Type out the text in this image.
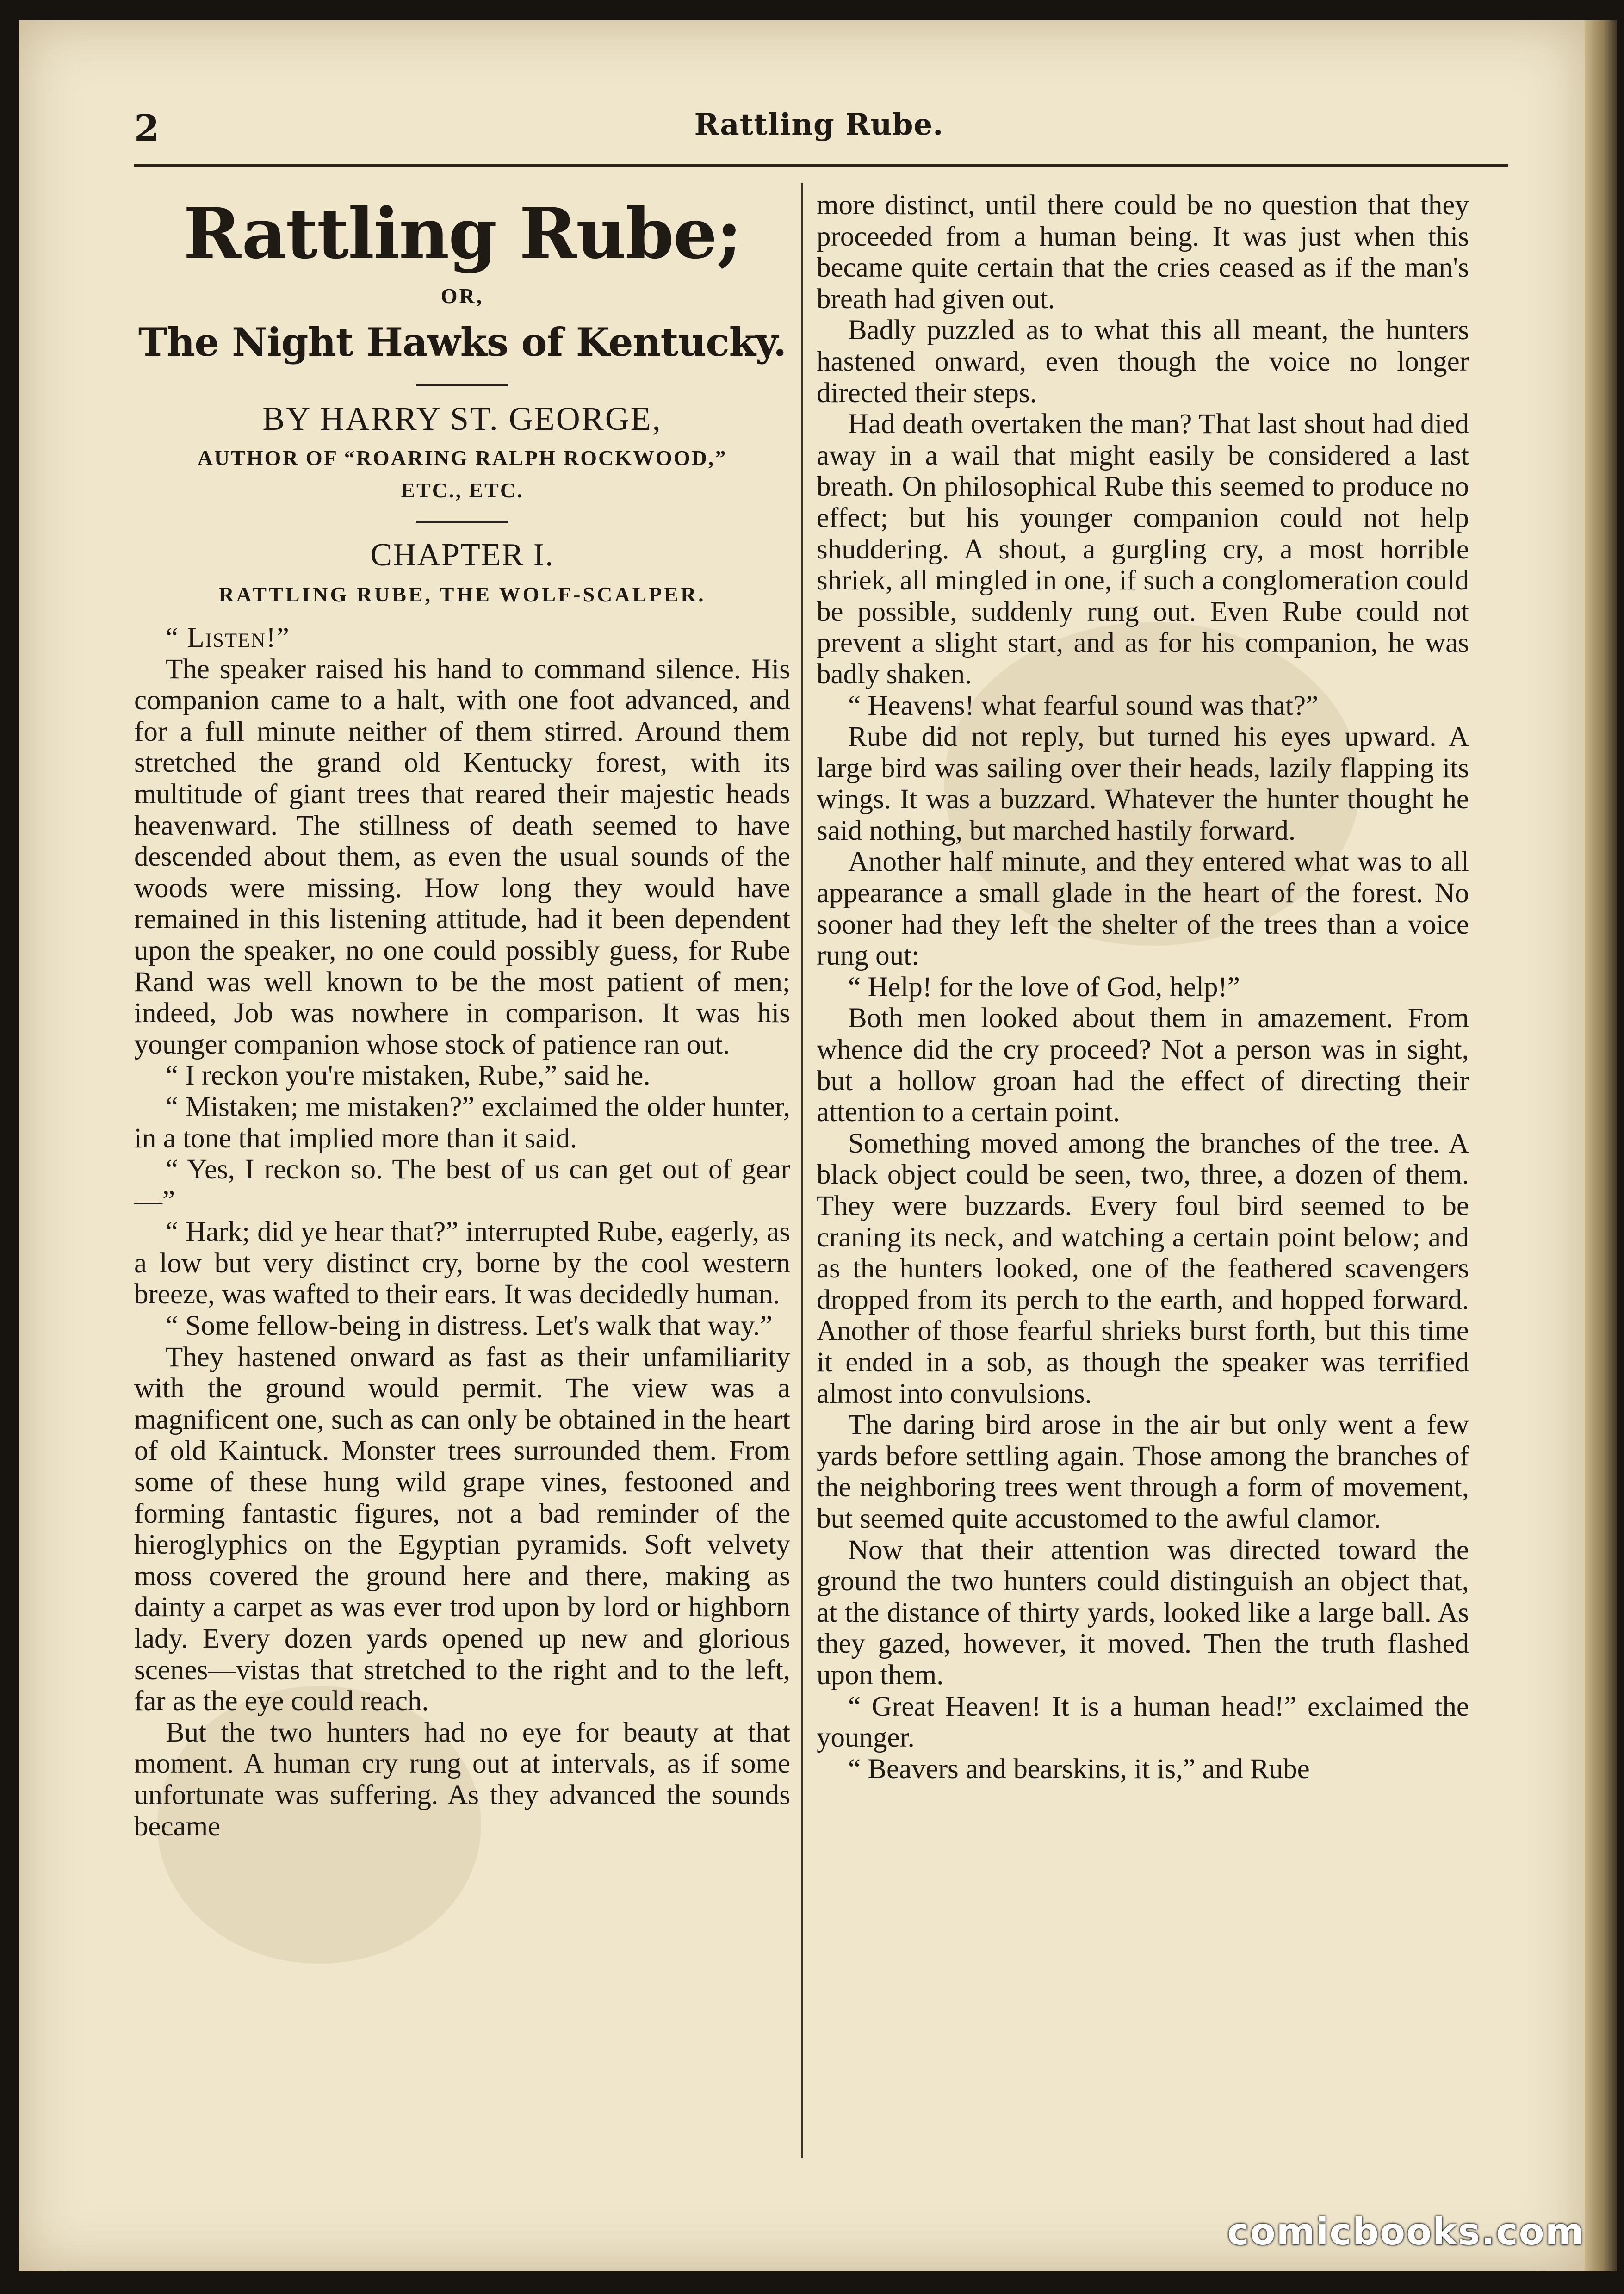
2	Rattling Rube.
Rattling Rube;
OR,
The Night Hawks of Kentucky.
BY HARRY ST. GEORGE,
AUTHOR OF “ROARING RALPH ROCKWOOD,”
ETC., ETC.
CHAPTER I.
RATTLING RUBE, THE WOLF-SCALPER.

“ Listen!”

The speaker raised his hand to command silence. His companion came to a halt, with one foot advanced, and for a full minute neither of them stirred. Around them stretched the grand old Kentucky forest, with its multitude of giant trees that reared their majestic heads heavenward. The stillness of death seemed to have descended about them, as even the usual sounds of the woods were missing. How long they would have remained in this listening attitude, had it been dependent upon the speaker, no one could possibly guess, for Rube Rand was well known to be the most patient of men; indeed, Job was nowhere in comparison. It was his younger companion whose stock of patience ran out.

“ I reckon you're mistaken, Rube,” said he.

“ Mistaken; me mistaken?” exclaimed the older hunter, in a tone that implied more than it said.

“ Yes, I reckon so. The best of us can get out of gear—”

“ Hark; did ye hear that?” interrupted Rube, eagerly, as a low but very distinct cry, borne by the cool western breeze, was wafted to their ears. It was decidedly human.

“ Some fellow-being in distress. Let's walk that way.”

They hastened onward as fast as their unfamiliarity with the ground would permit. The view was a magnificent one, such as can only be obtained in the heart of old Kaintuck. Monster trees surrounded them. From some of these hung wild grape vines, festooned and forming fantastic figures, not a bad reminder of the hieroglyphics on the Egyptian pyramids. Soft velvety moss covered the ground here and there, making as dainty a carpet as was ever trod upon by lord or highborn lady. Every dozen yards opened up new and glorious scenes—vistas that stretched to the right and to the left, far as the eye could reach.

But the two hunters had no eye for beauty at that moment. A human cry rung out at intervals, as if some unfortunate was suffering. As they advanced the sounds became

more distinct, until there could be no question that they proceeded from a human being. It was just when this became quite certain that the cries ceased as if the man's breath had given out.

Badly puzzled as to what this all meant, the hunters hastened onward, even though the voice no longer directed their steps.

Had death overtaken the man? That last shout had died away in a wail that might easily be considered a last breath. On philosophical Rube this seemed to produce no effect; but his younger companion could not help shuddering. A shout, a gurgling cry, a most horrible shriek, all mingled in one, if such a conglomeration could be possible, suddenly rung out. Even Rube could not prevent a slight start, and as for his companion, he was badly shaken.

“ Heavens! what fearful sound was that?”

Rube did not reply, but turned his eyes upward. A large bird was sailing over their heads, lazily flapping its wings. It was a buzzard. Whatever the hunter thought he said nothing, but marched hastily forward.

Another half minute, and they entered what was to all appearance a small glade in the heart of the forest. No sooner had they left the shelter of the trees than a voice rung out:

“ Help! for the love of God, help!”

Both men looked about them in amazement. From whence did the cry proceed? Not a person was in sight, but a hollow groan had the effect of directing their attention to a certain point.

Something moved among the branches of the tree. A black object could be seen, two, three, a dozen of them. They were buzzards. Every foul bird seemed to be craning its neck, and watching a certain point below; and as the hunters looked, one of the feathered scavengers dropped from its perch to the earth, and hopped forward. Another of those fearful shrieks burst forth, but this time it ended in a sob, as though the speaker was terrified almost into convulsions.

The daring bird arose in the air but only went a few yards before settling again. Those among the branches of the neighboring trees went through a form of movement, but seemed quite accustomed to the awful clamor.

Now that their attention was directed toward the ground the two hunters could distinguish an object that, at the distance of thirty yards, looked like a large ball. As they gazed, however, it moved. Then the truth flashed upon them.

“ Great Heaven! It is a human head!” exclaimed the younger.

“ Beavers and bearskins, it is,” and Rube

comicbooks.com
